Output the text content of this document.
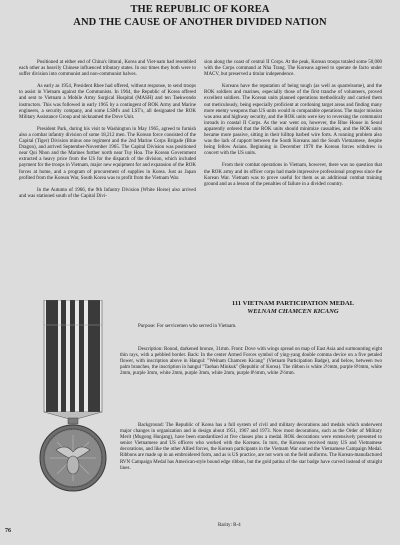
THE REPUBLIC OF KOREA
AND THE CAUSE OF ANOTHER DIVIDED NATION

Positioned at either end of China's littoral, Korea and Viet-nam had resembled each other as heavily Chinese influenced tributary states. In our times they both were to suffer division into communist and non-communist halves.

As early as 1954, President Rhee had offered, without response, to send troops to assist in Vietnam against the Communists. In 1964, the Republic of Korea offered and sent to Vietnam a Mobile Army Surgical Hospital (MASH) and ten Taekwondo instructors. This was followed in early 1965 by a contingent of ROK Army and Marine engineers, a security company, and some LSM's and LST's, all designated the ROK Military Assistance Group and nicknamed the Dove Unit.

President Park, during his visit to Washington in May 1965, agreed to furnish also a combat infantry division of some 18,212 men. The Korean force consisted of the Capital (Tiger) Division minus one regiment and the 2nd Marine Corps Brigade (Blue Dragon), and arrived September-November 1965. The Capital Division was positioned near Qui Nhon and the Marines further north near Tuy Hoa. The Korean Government extracted a heavy price from the US for the dispatch of the division, which included payment for the troops in Vietnam, major new equipment for and expansion of the ROK forces at home, and a program of procurement of supplies in Korea. Just as Japan profited from the Korean War, South Korea was to profit from the Vietnam War.

In the Autumn of 1966, the 9th Infantry Division (White Horse) also arrived and was stationed south of the Capital Divi-

sion along the coast of central II Corps. At the peak, Korean troops totaled some 50,000 with the Corps command at Nha Trang. The Koreans agreed to operate de facto under MACV, but preserved a titular independence.

Koreans have the reputation of being tough (as well as quarrelsome), and the ROK soldiers and marines, especially those of the first tranche of volunteers, proved excellent soldiers. The Korean units planned operations methodically and carried them out meticulously, being especially proficient at cordoning target areas and finding many more enemy weapons than US units would in comparable operations. The major mission was area and highway security, and the ROK units were key to reversing the communist inroads in coastal II Corps. As the war went on, however, the Blue House in Seoul apparently ordered that the ROK units should minimize casualties, and the ROK units became more passive, sitting in their hilltop barbed wire forts. A running problem also was the lack of rapport between the South Koreans and the South Vietnamese, despite being fellow Asians. Beginning in December 1970 the Korean forces withdrew in concert with the US units.

From their combat operations in Vietnam, however, there was no question that the ROK army and its officer corps had made impressive professional progress since the Korean War. Vietnam was to prove useful for them as an additional combat training ground and as a lesson of the penalties of failure in a divided country.

111 VIETNAM PARTICIPATION MEDAL
WELNAM CHAMCEN KICANG

Purpose: For servicemen who served in Vietnam.

Description: Round, darkened bronze, 31mm. Front: Dove with wings spread on map of East Asia and surmounting eight thin rays, with a pebbled border. Back: In the center Armed Forces symbol of ying-yang double comma device on a five petaled flower, with inscription above in Hangul: "Welnam Chamcen Kicang" (Vietnam Participation Badge), and below, between two palm branches, the inscription in hangul "Taehan Minkuk" (Republic of Korea). The ribbon is white 2½mm, purple 8½mm, white 2mm, purple 3mm, white 2mm, purple 3mm, white 2mm, purple 8½mm, white 2½mm.

Background: The Republic of Korea has a full system of civil and military decorations and medals which underwent major changes in organization and in design about 1951, 1967 and 1973. Now most decorations, such as the Order of Military Merit (Mugong Hunjang), have been standardized at five classes plus a medal. ROK decorations were extensively presented to senior Vietnamese and US officers who worked with the Koreans. In turn, the Koreans received many US and Vietnamese decorations, and like the other Allied forces, the Korean participants in the Vietnam War earned the Vietnamese Campaign Medal. Ribbons are made up in an embroidered form, and as is US practice, are not worn on the field uniforms. The Korean-manufactured RVN Campaign Medal has American-style bound edge ribbon, but the gold patina of the star badge have curved instead of straight lines.

Rarity: R-4
76
